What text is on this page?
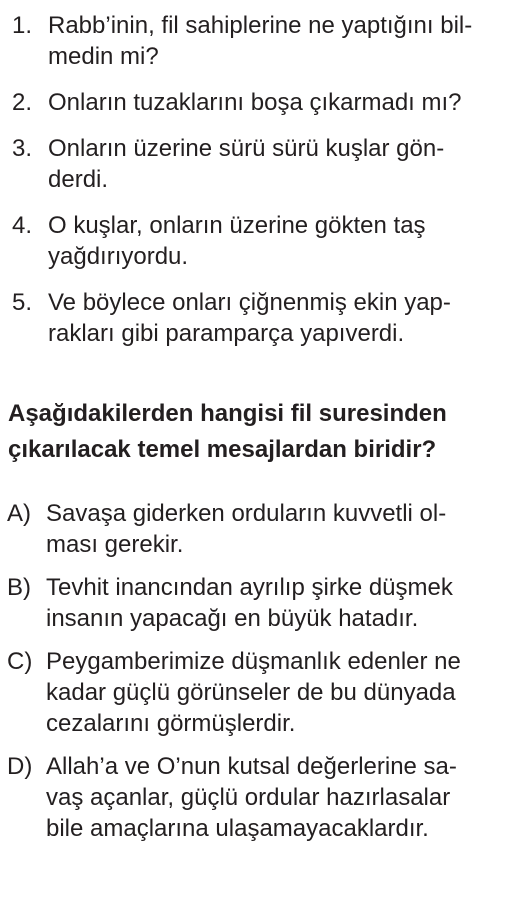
1. Rabb’inin, fil sahiplerine ne yaptığını bil-
medin mi?
2. Onların tuzaklarını boşa çıkarmadı mı?
3. Onların üzerine sürü sürü kuşlar gön-
derdi.
4. O kuşlar, onların üzerine gökten taş
yağdırıyordu.
5. Ve böylece onları çiğnenmiş ekin yap-
rakları gibi paramparça yapıverdi.
Aşağıdakilerden hangisi fil suresinden
çıkarılacak temel mesajlardan biridir?
A) Savaşa giderken orduların kuvvetli ol-
ması gerekir.
B) Tevhit inancından ayrılıp şirke düşmek
insanın yapacağı en büyük hatadır.
C) Peygamberimize düşmanlık edenler ne
kadar güçlü görünseler de bu dünyada
cezalarını görmüşlerdir.
D) Allah’a ve O’nun kutsal değerlerine sa-
vaş açanlar, güçlü ordular hazırlasalar
bile amaçlarına ulaşamayacaklardır.
